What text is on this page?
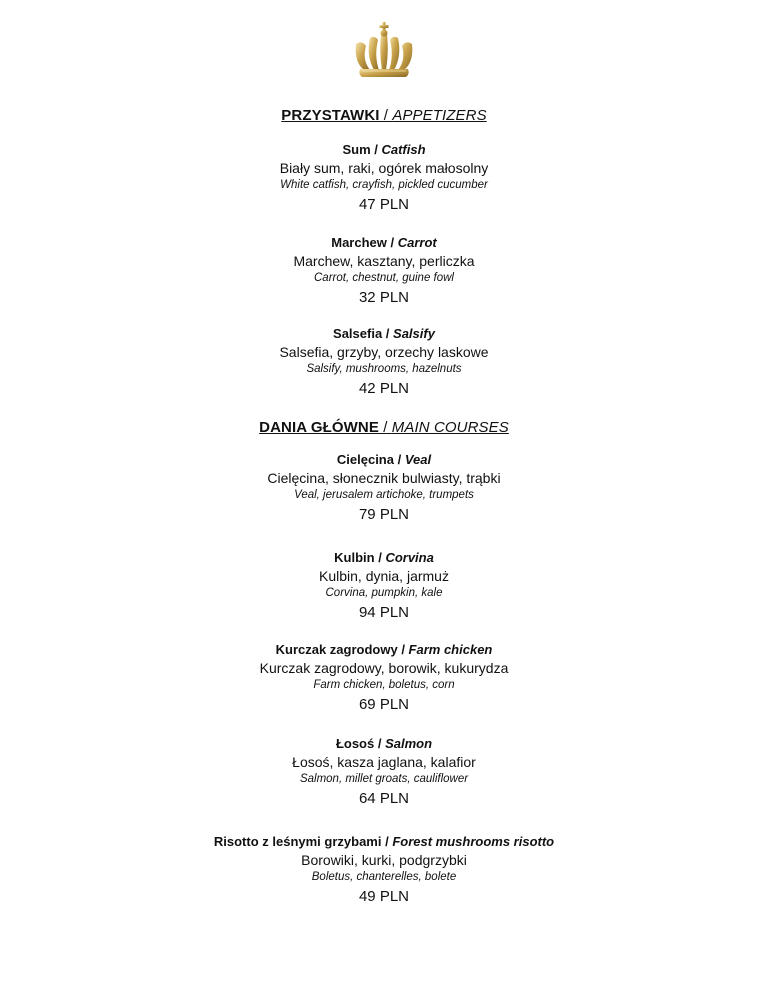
PRZYSTAWKI / APPETIZERS
Sum / Catfish
Biały sum, raki, ogórek małosolny
White catfish, crayfish, pickled cucumber
47 PLN
Marchew / Carrot
Marchew, kasztany, perliczka
Carrot, chestnut, guine fowl
32 PLN
Salsefia / Salsify
Salsefia, grzyby, orzechy laskowe
Salsify, mushrooms, hazelnuts
42 PLN
DANIA GŁÓWNE / MAIN COURSES
Cielęcina / Veal
Cielęcina, słonecznik bulwiasty, trąbki
Veal, jerusalem artichoke, trumpets
79 PLN
Kulbin / Corvina
Kulbin, dynia, jarmuż
Corvina, pumpkin, kale
94 PLN
Kurczak zagrodowy / Farm chicken
Kurczak zagrodowy, borowik, kukurydza
Farm chicken, boletus, corn
69 PLN
Łosoś / Salmon
Łosoś, kasza jaglana, kalafior
Salmon, millet groats, cauliflower
64 PLN
Risotto z leśnymi grzybami / Forest mushrooms risotto
Borowiki, kurki, podgrzybki
Boletus, chanterelles, bolete
49 PLN
